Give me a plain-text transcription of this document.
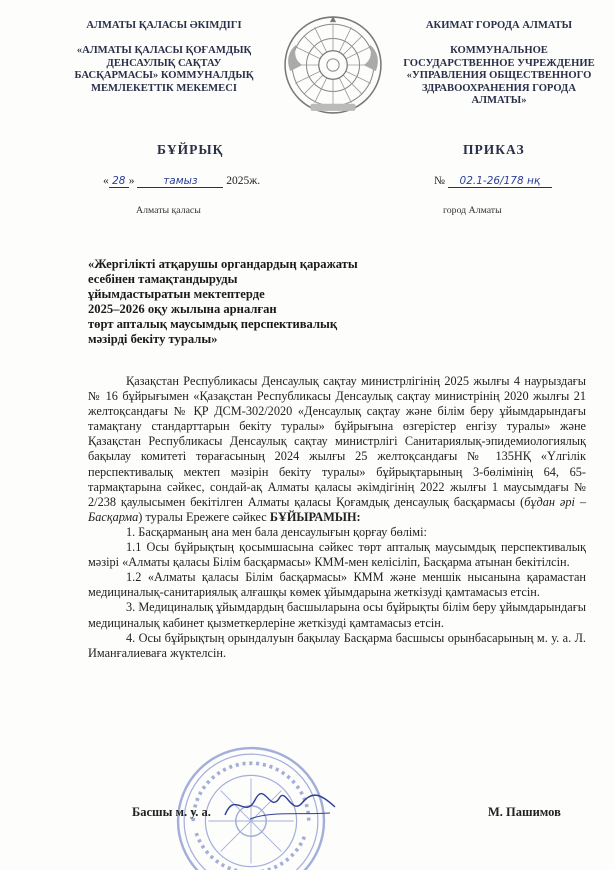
АЛМАТЫ ҚАЛАСЫ ӘКІМДІГІ
«АЛМАТЫ ҚАЛАСЫ ҚОҒАМДЫҚ
ДЕНСАУЛЫҚ САҚТАУ
БАСҚАРМАСЫ» КОММУНАЛДЫҚ
МЕМЛЕКЕТТІК МЕКЕМЕСІ
АКИМАТ ГОРОДА АЛМАТЫ
КОММУНАЛЬНОЕ
ГОСУДАРСТВЕННОЕ УЧРЕЖДЕНИЕ
«УПРАВЛЕНИЯ ОБЩЕСТВЕННОГО
ЗДРАВООХРАНЕНИЯ ГОРОДА
АЛМАТЫ»
БҰЙРЫҚ	ПРИКАЗ
« 28 »	тамыз 2025ж.	№ 02.1-26/178 нқ
Алматы қаласы	город Алматы
«Жергілікті атқарушы органдардың қаражаты
есебінен тамақтандыруды
ұйымдастыратын мектептерде
2025–2026 оқу жылына арналған
төрт апталық маусымдық перспективалық
мәзірді бекіту туралы»

Қазақстан Республикасы Денсаулық сақтау министрлігінің 2025 жылғы 4 наурыздағы № 16 бұйрығымен «Қазақстан Республикасы Денсаулық сақтау министрінің 2020 жылғы 21 желтоқсандағы № ҚР ДСМ-302/2020 «Денсаулық сақтау және білім беру ұйымдарындағы тамақтану стандарттарын бекіту туралы» бұйрығына өзгерістер енгізу туралы» және Қазақстан Республикасы Денсаулық сақтау министрлігі Санитариялық-эпидемиологиялық бақылау комитеті төрағасының 2024 жылғы 25 желтоқсандағы № 135НҚ «Үлгілік перспективалық мектеп мәзірін бекіту туралы» бұйрықтарының 3-бөлімінің 64, 65-тармақтарына сәйкес, сондай-ақ Алматы қаласы әкімдігінің 2022 жылғы 1 маусымдағы № 2/238 қаулысымен бекітілген Алматы қаласы Қоғамдық денсаулық басқармасы (бұдан әрі – Басқарма) туралы Ережеге сәйкес БҰЙЫРАМЫН:

1. Басқарманың ана мен бала денсаулығын қорғау бөлімі:

1.1 Осы бұйрықтың қосымшасына сәйкес төрт апталық маусымдық перспективалық мәзірі «Алматы қаласы Білім басқармасы» КММ-мен келісіліп, Басқарма атынан бекітілсін.

1.2 «Алматы қаласы Білім басқармасы» КММ және меншік нысанына қарамастан медициналық-санитариялық алғашқы көмек ұйымдарына жеткізуді қамтамасыз етсін.

3. Медициналық ұйымдардың басшыларына осы бұйрықты білім беру ұйымдарындағы медициналық кабинет қызметкерлеріне жеткізуді қамтамасыз етсін.

4. Осы бұйрықтың орындалуын бақылау Басқарма басшысы орынбасарының м. у. а. Л. Иманғалиеваға жүктелсін.

Басшы м. у. а.	М. Пашимов
